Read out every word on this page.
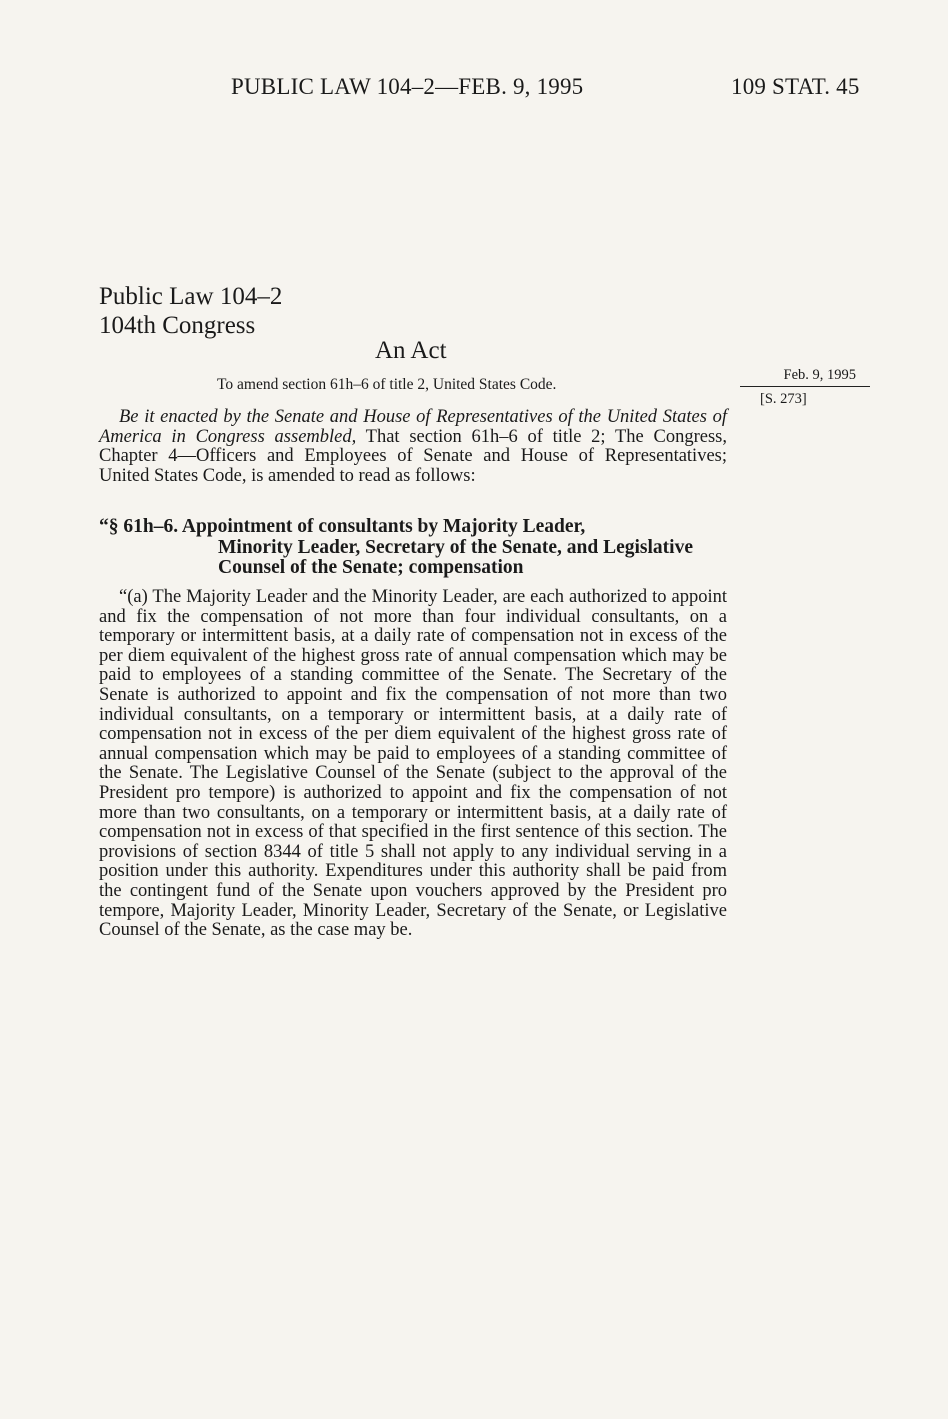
PUBLIC LAW 104–2—FEB. 9, 1995	109 STAT. 45
Public Law 104–2
104th Congress
An Act
To amend section 61h–6 of title 2, United States Code.
Feb. 9, 1995
[S. 273]

Be it enacted by the Senate and House of Representatives of the United States of America in Congress assembled, That section 61h–6 of title 2; The Congress, Chapter 4—Officers and Employees of Senate and House of Representatives; United States Code, is amended to read as follows:

“§ 61h–6. Appointment of consultants by Majority Leader,
Minority Leader, Secretary of the Senate, and Legislative Counsel of the Senate; compensation

“(a) The Majority Leader and the Minority Leader, are each authorized to appoint and fix the compensation of not more than four individual consultants, on a temporary or intermittent basis, at a daily rate of compensation not in excess of the per diem equivalent of the highest gross rate of annual compensation which may be paid to employees of a standing committee of the Senate. The Secretary of the Senate is authorized to appoint and fix the compensation of not more than two individual consultants, on a temporary or intermittent basis, at a daily rate of compensation not in excess of the per diem equivalent of the highest gross rate of annual compensation which may be paid to employees of a standing committee of the Senate. The Legislative Counsel of the Senate (subject to the approval of the President pro tempore) is authorized to appoint and fix the compensation of not more than two consultants, on a temporary or intermittent basis, at a daily rate of compensation not in excess of that specified in the first sentence of this section. The provisions of section 8344 of title 5 shall not apply to any individual serving in a position under this authority. Expenditures under this authority shall be paid from the contingent fund of the Senate upon vouchers approved by the President pro tempore, Majority Leader, Minority Leader, Secretary of the Senate, or Legislative Counsel of the Senate, as the case may be.
